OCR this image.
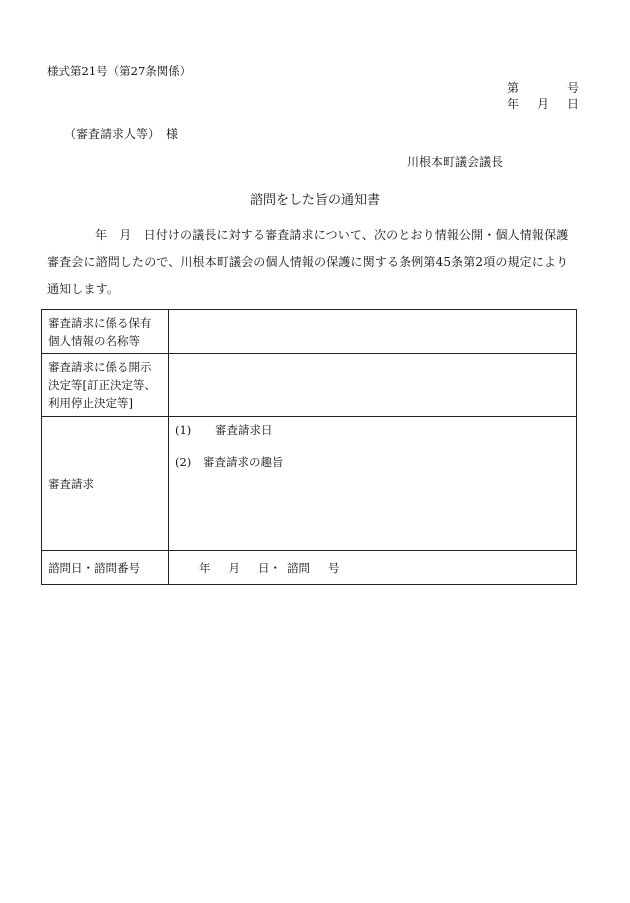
様式第21号（第27条関係）
第	号
年 月 日
（審査請求人等）　様
川根本町議会議長
諮問をした旨の通知書
年　月　日付けの議長に対する審査請求について、次のとおり情報公開・個人情報保護審査会に諮問したので、川根本町議会の個人情報の保護に関する条例第45条第2項の規定により通知します。
審査請求に係る保有
個人情報の名称等	

審査請求に係る開示
決定等[訂正決定等、
利用停止決定等]	

審査請求	(1) 審査請求日
(2) 審査請求の趣旨

諮問日・諮問番号	年 月 日・ 諮問 号
